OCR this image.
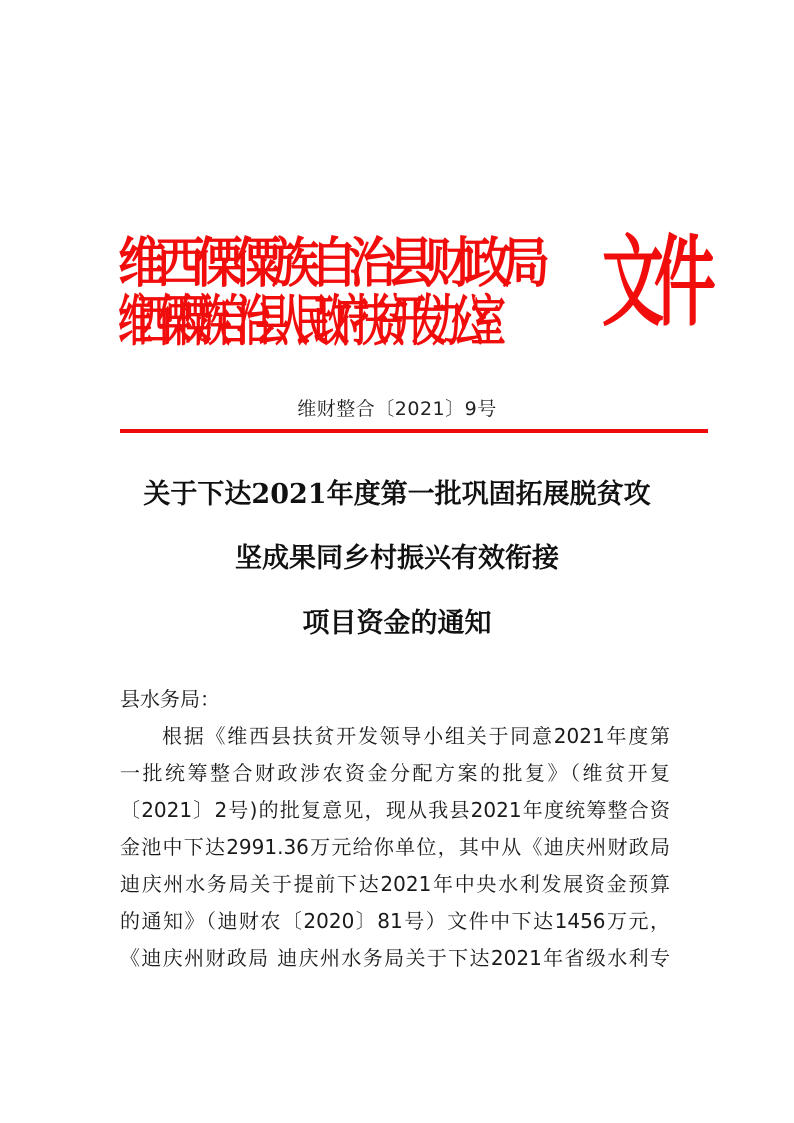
维西傈僳族自治县财政局
维西傈僳族自治县人民政府扶贫开发办公室 文件
维财整合〔2021〕9号
关于下达2021年度第一批巩固拓展脱贫攻
坚成果同乡村振兴有效衔接
项目资金的通知
县水务局：
根据《维西县扶贫开发领导小组关于同意2021年度第
一批统筹整合财政涉农资金分配方案的批复》（维贫开复
〔2021〕2号)的批复意见，现从我县2021年度统筹整合资
金池中下达2991.36万元给你单位，其中从《迪庆州财政局
迪庆州水务局关于提前下达2021年中央水利发展资金预算
的通知》（迪财农〔2020〕81号）文件中下达1456万元，
《迪庆州财政局 迪庆州水务局关于下达2021年省级水利专
